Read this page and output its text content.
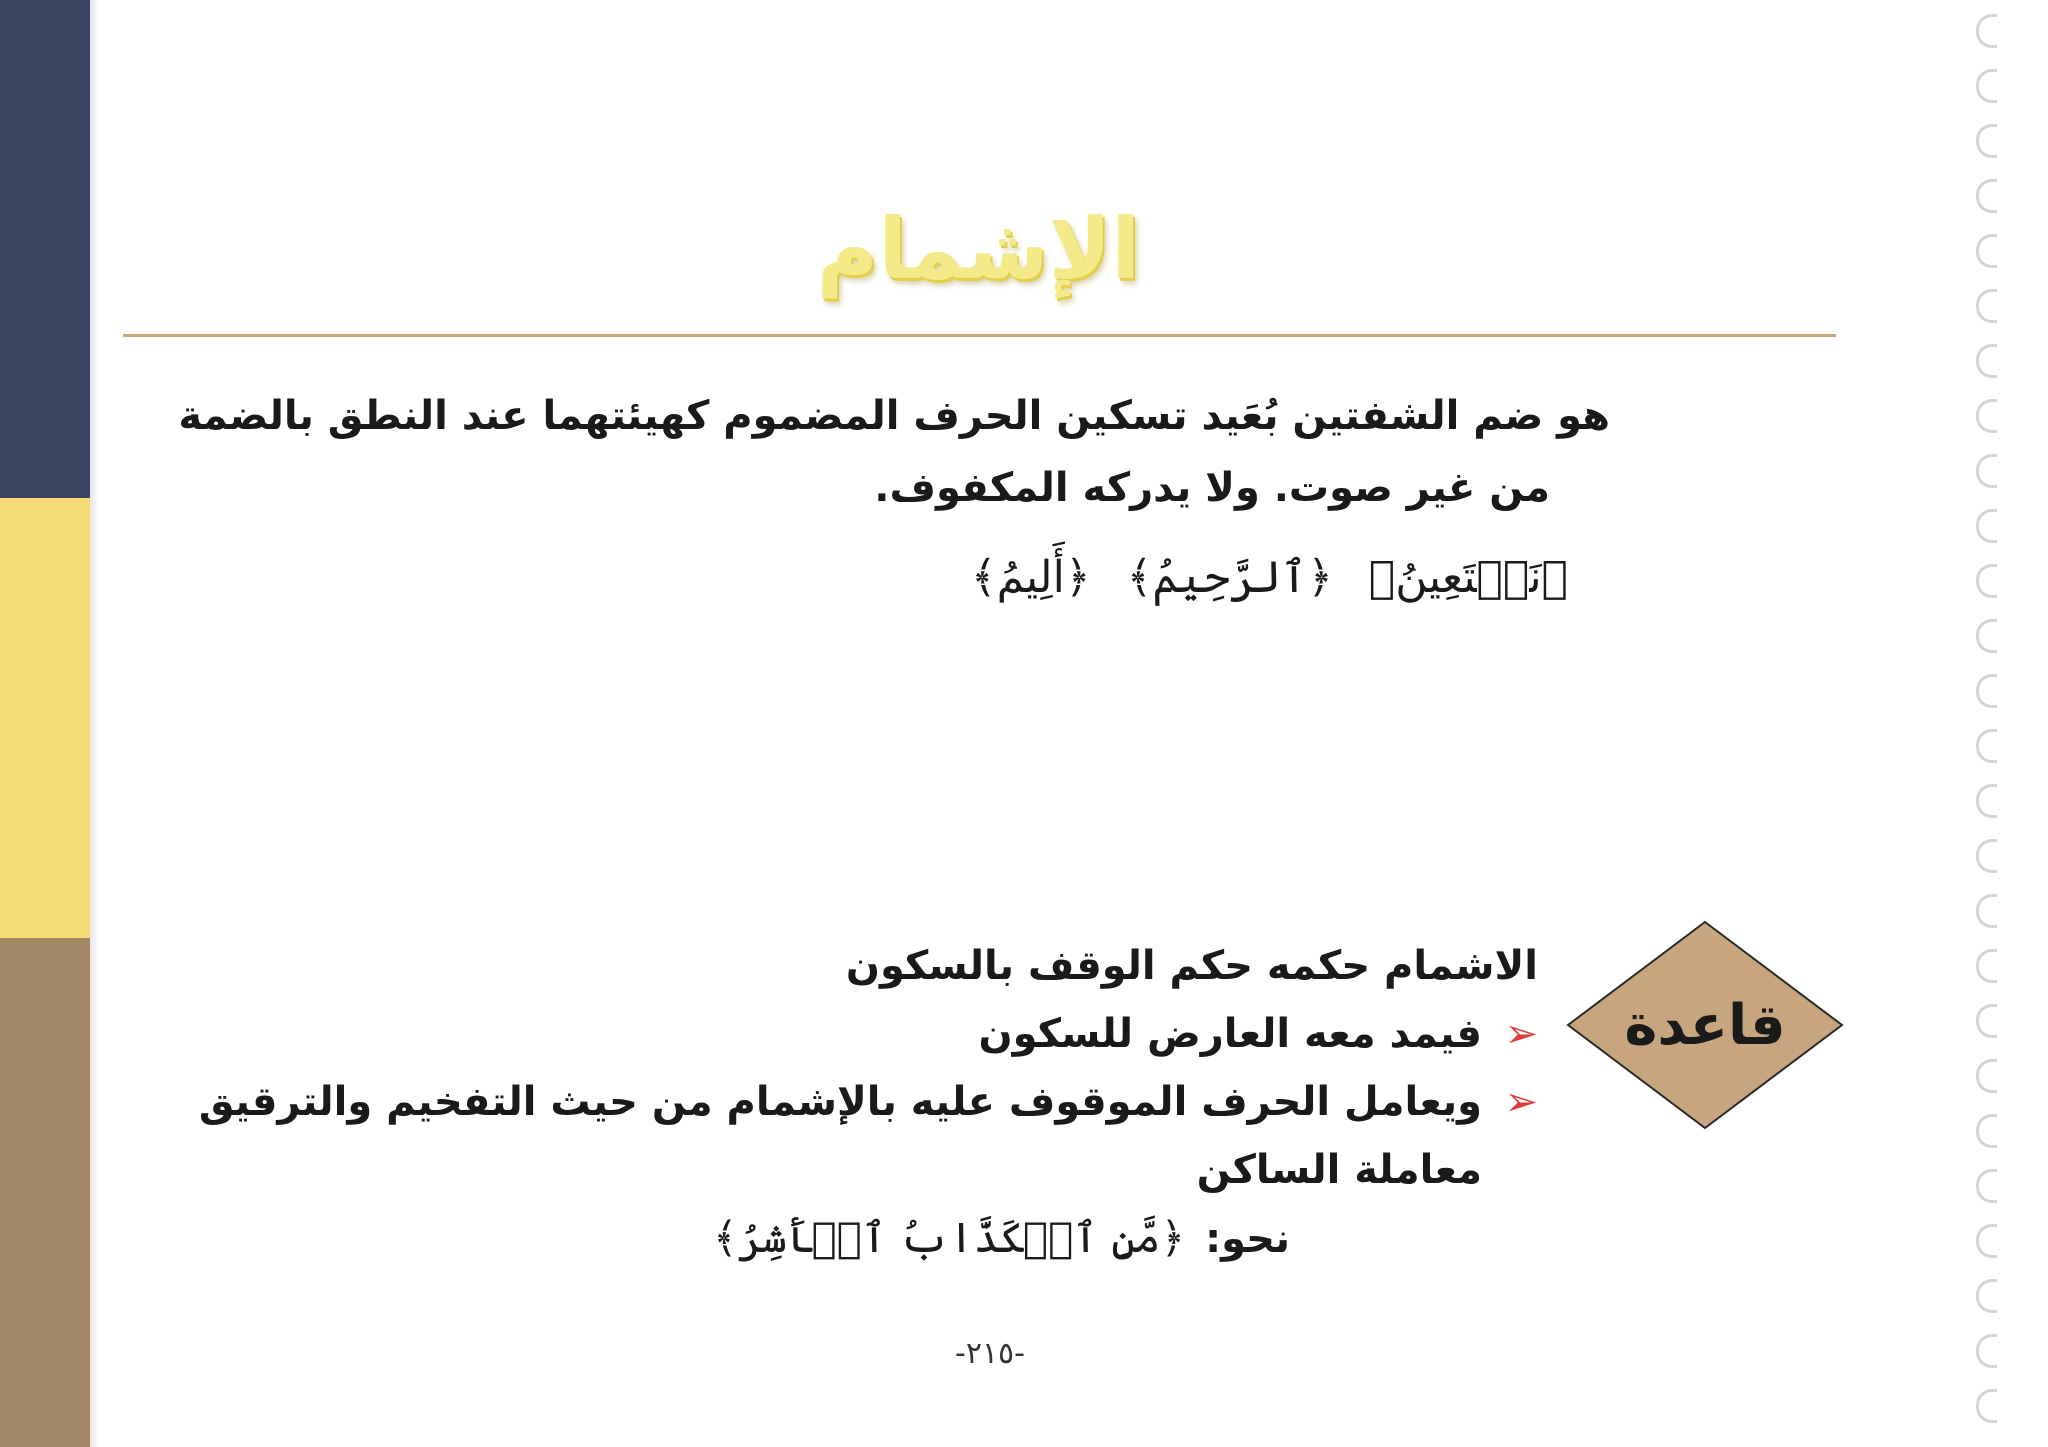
الإشمام
هو ضم الشفتين بُعَيد تسكين الحرف المضموم كهيئتهما عند النطق بالضمة
من غير صوت. ولا يدركه المكفوف.
﴿نَسۡتَعِينُ﴾ ﴿ٱلرَّحِيمُ﴾ ﴿أَلِيمُ﴾
قاعدة
الاشمام حكمه حكم الوقف بالسكون
➢فيمد معه العارض للسكون
➢ويعامل الحرف الموقوف عليه بالإشمام من حيث التفخيم والترقيق
معاملة الساكن
نحو:﴿مَّنِ ٱلۡكَذَّابُ ٱلۡأَشِرُ﴾
-٢١٥-
